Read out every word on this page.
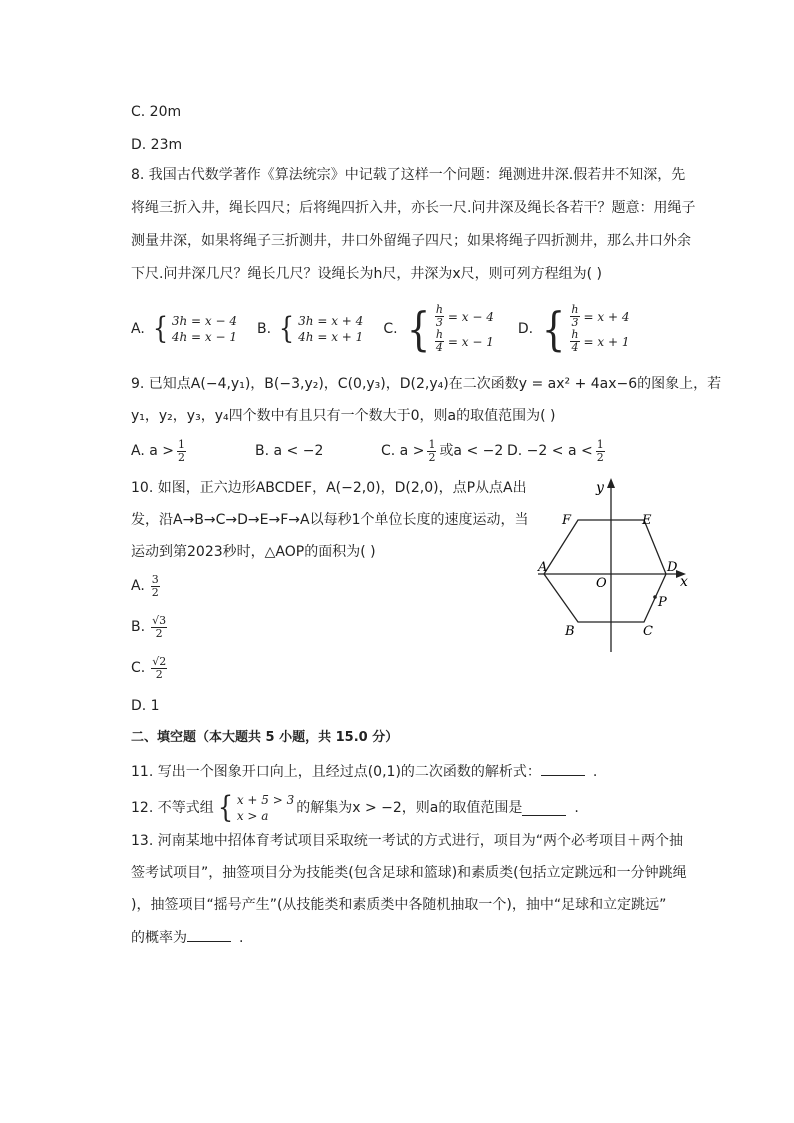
C. 20m
D. 23m
8. 我国古代数学著作《算法统宗》中记载了这样一个问题：绳测进井深.假若井不知深，先
将绳三折入井，绳长四尺；后将绳四折入井，亦长一尺.问井深及绳长各若干？题意：用绳子
测量井深，如果将绳子三折测井，井口外留绳子四尺；如果将绳子四折测井，那么井口外余
下尺.问井深几尺？绳长几尺？设绳长为h尺，井深为x尺，则可列方程组为( )
A. { 3h = x − 4
4h = x − 1 B. { 3h = x + 4
4h = x + 1 C. { $\frac{h}{3} = x - 4$
$\frac{h}{4} = x - 1$
D. { $\frac{h}{3} = x + 4$
$\frac{h}{4} = x + 1$
9. 已知点A(−4,y₁)，B(−3,y₂)，C(0,y₃)，D(2,y₄)在二次函数y = ax² + 4ax−6的图象上，若
y₁，y₂，y₃，y₄四个数中有且只有一个数大于0，则a的取值范围为( )
A. $a > \frac{1}{2}$	B. a < −2	C. $a > \frac{1}{2}$ 或a < −2 D. $-2 < a < \frac{1}{2}$
10. 如图，正六边形ABCDEF，A(−2,0)，D(2,0)，点P从点A出
发，沿A→B→C→D→E→F→A以每秒1个单位长度的速度运动，当
运动到第2023秒时，△AOP的面积为( )
A. $\frac{3}{2}$
B. $\frac{√3}{2}$
C. $\frac{√2}{2}$
D. 1
y
x
F	E
A
O
D
P
B	C
二、填空题（本大题共 5 小题，共 15.0 分）
11. 写出一个图象开口向上，且经过点(0,1)的二次函数的解析式：	.
12. 不等式组 { x + 5 > 3
x > a	的解集为x > −2，则a的取值范围是	.
13. 河南某地中招体育考试项目采取统一考试的方式进行，项目为“两个必考项目＋两个抽
签考试项目”，抽签项目分为技能类(包含足球和篮球)和素质类(包括立定跳远和一分钟跳绳
)，抽签项目“摇号产生”(从技能类和素质类中各随机抽取一个)，抽中“足球和立定跳远”
的概率为	.
